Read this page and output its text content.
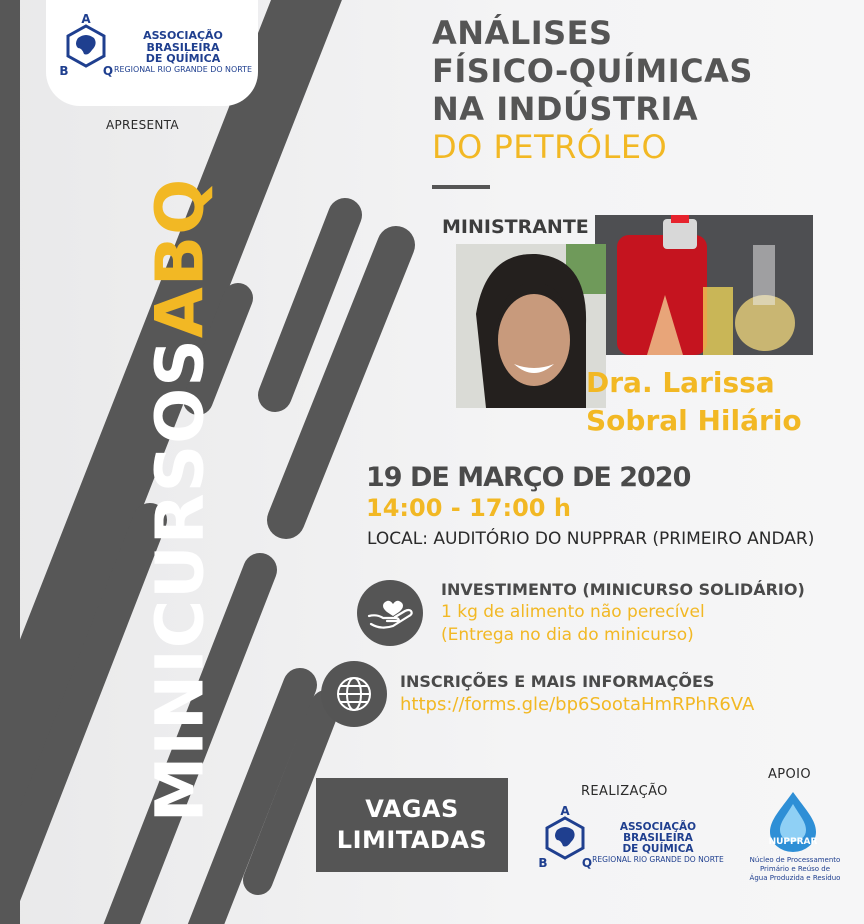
A
B	Q
ASSOCIAÇÃO BRASILEIRA
DE QUÍMICA
REGIONAL RIO GRANDE DO NORTE
APRESENTA
MINICURSOSABQ
ANÁLISES
FÍSICO-QUÍMICAS
NA INDÚSTRIA
DO PETRÓLEO
MINISTRANTE
Dra. Larissa
Sobral Hilário
19 DE MARÇO DE 2020
14:00 - 17:00 h
LOCAL: AUDITÓRIO DO NUPPRAR (PRIMEIRO ANDAR)
INVESTIMENTO (MINICURSO SOLIDÁRIO)
1 kg de alimento não perecível
(Entrega no dia do minicurso)
INSCRIÇÕES E MAIS INFORMAÇÕES
https://forms.gle/bp6SootaHmRPhR6VA
VAGAS
LIMITADAS
REALIZAÇÃO
A
B	Q
ASSOCIAÇÃO BRASILEIRA
DE QUÍMICA
REGIONAL RIO GRANDE DO NORTE
APOIO
NUPPRAR
Núcleo de Processamento
Primário e Reúso de
Água Produzida e Resíduo
